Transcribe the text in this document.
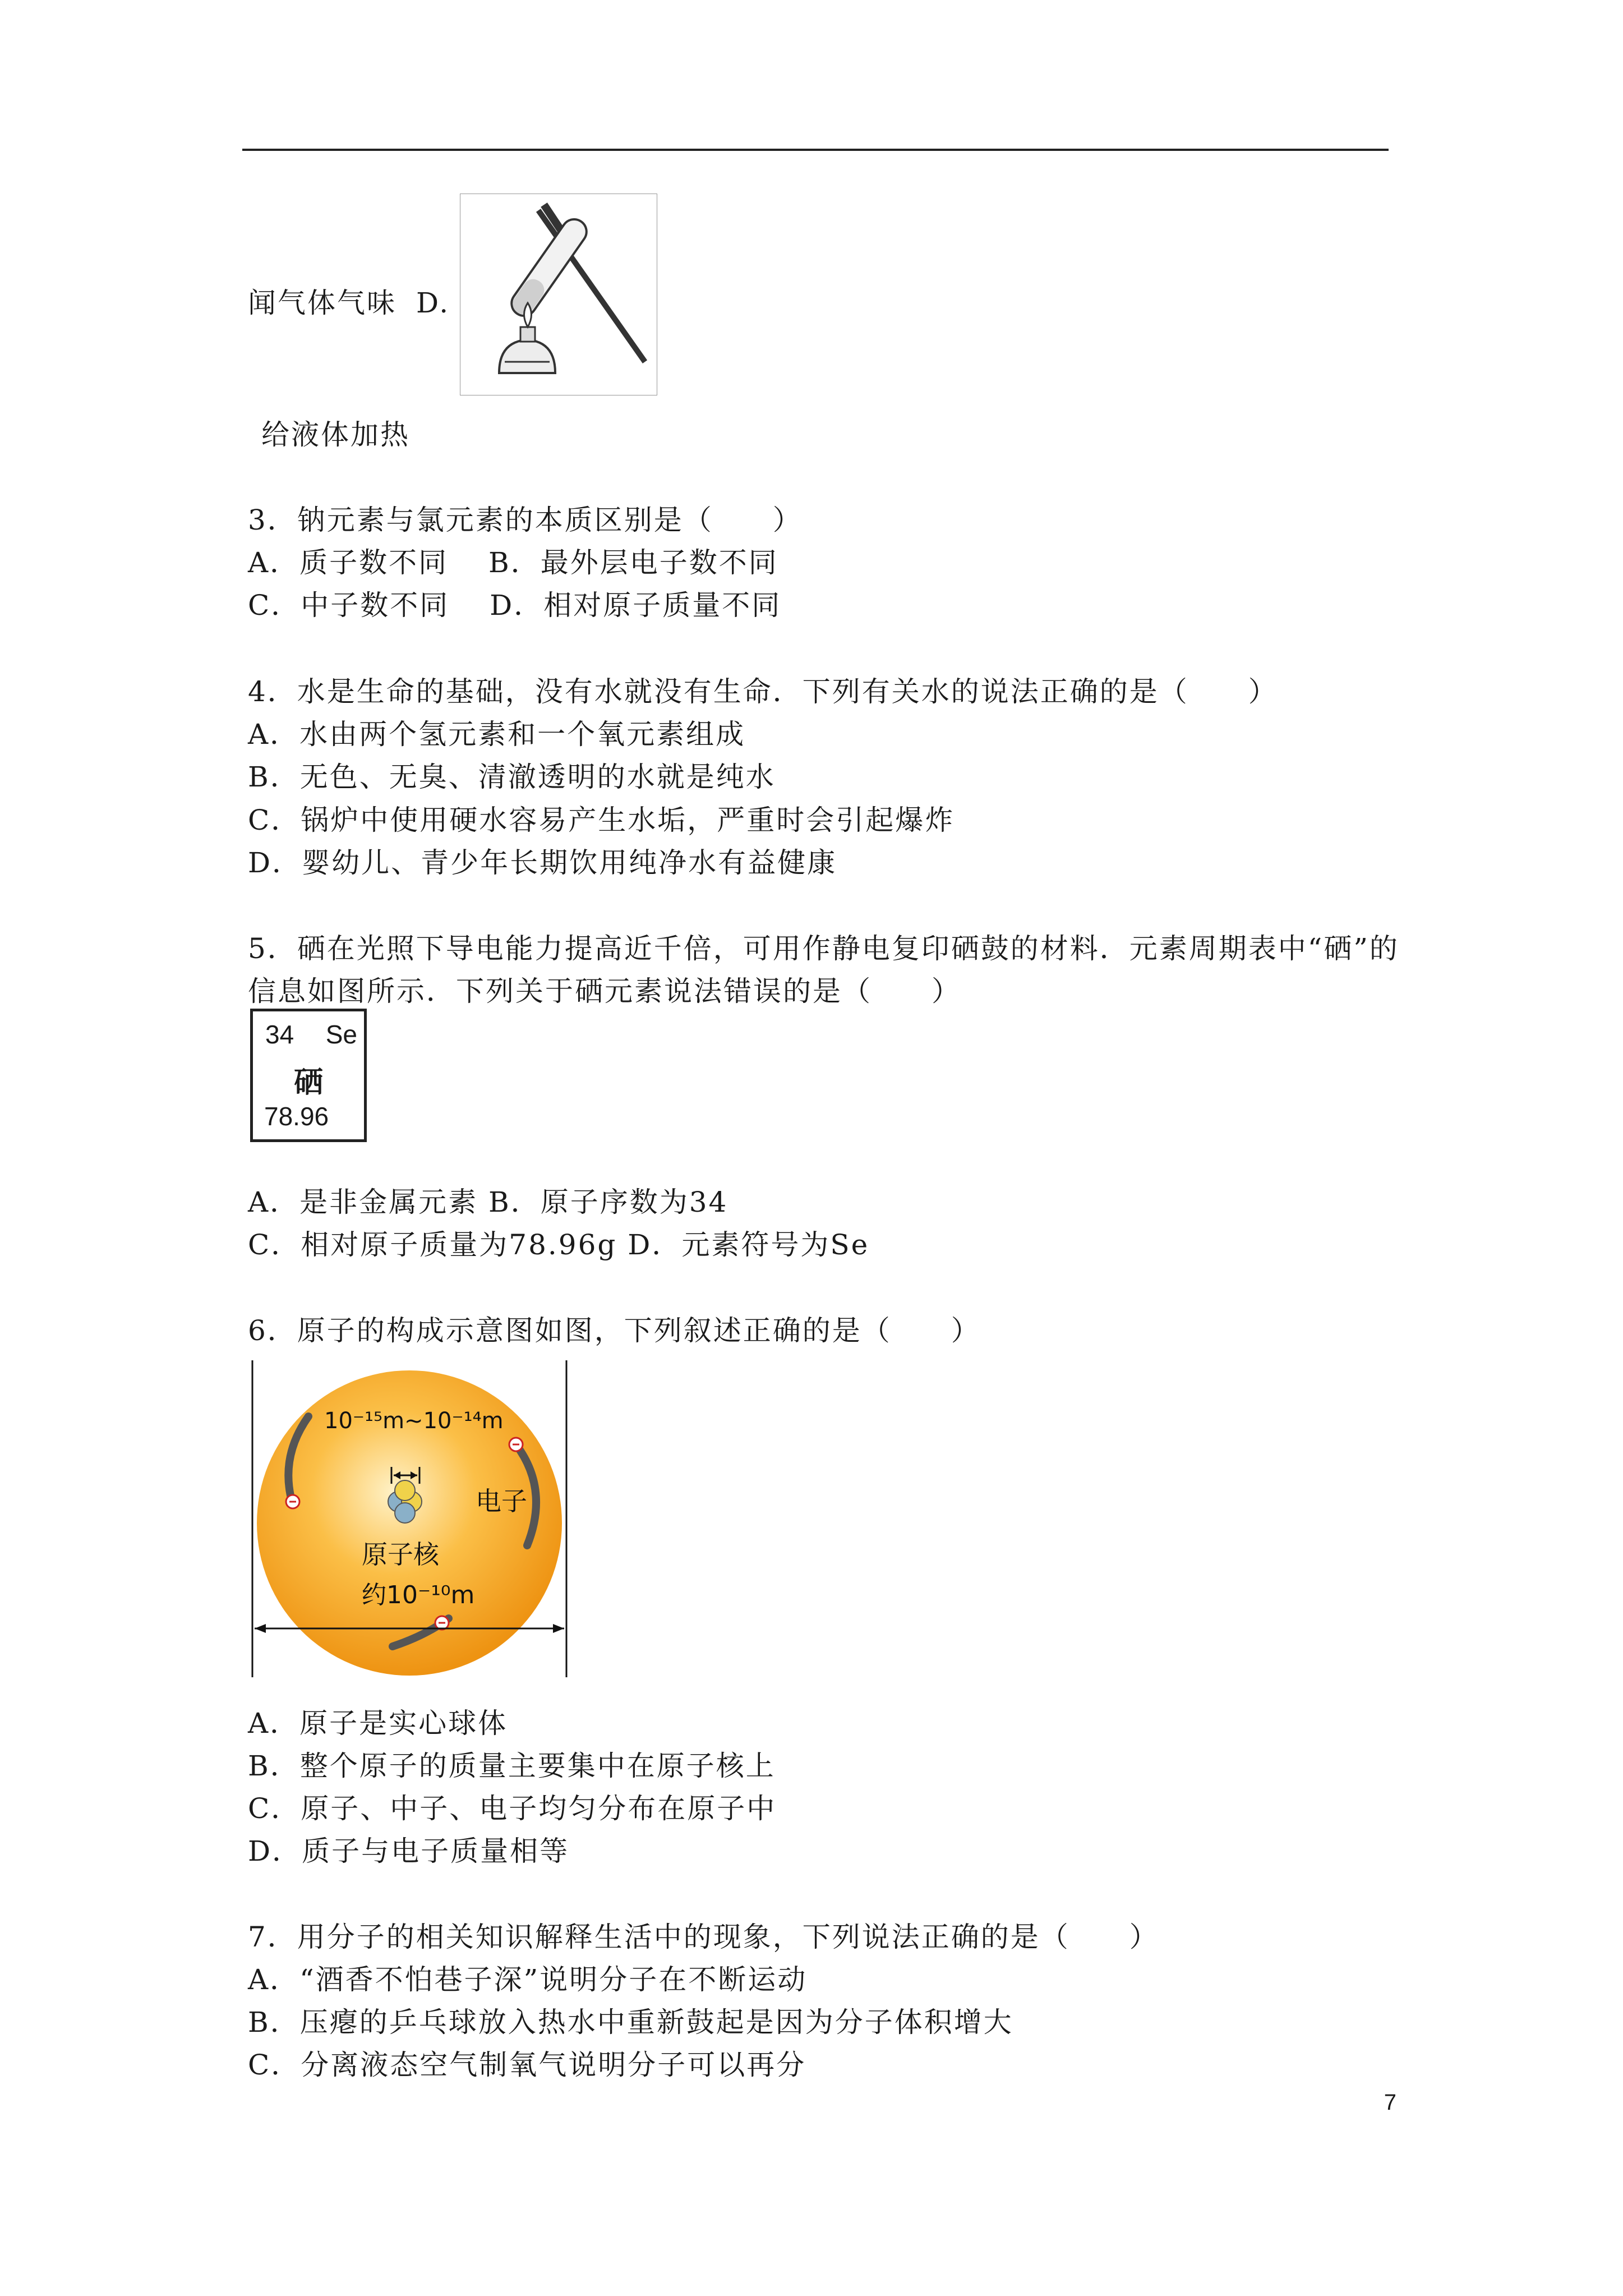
闻气体气味 D.
给液体加热
3．钠元素与氯元素的本质区别是（　　）
A．质子数不同　 B．最外层电子数不同
C．中子数不同　 D．相对原子质量不同
4．水是生命的基础，没有水就没有生命．下列有关水的说法正确的是（　　）
A．水由两个氢元素和一个氧元素组成
B．无色、无臭、清澈透明的水就是纯水
C．锅炉中使用硬水容易产生水垢，严重时会引起爆炸
D．婴幼儿、青少年长期饮用纯净水有益健康
5．硒在光照下导电能力提高近千倍，可用作静电复印硒鼓的材料．元素周期表中“硒”的
信息如图所示．下列关于硒元素说法错误的是（　　）
34 Se
硒
78.96
A．是非金属元素 B．原子序数为34
C．相对原子质量为78.96g D．元素符号为Se
6．原子的构成示意图如图，下列叙述正确的是（　　）
10⁻¹⁵m~10⁻¹⁴m
电子
原子核
约10⁻¹⁰m
A．原子是实心球体
B．整个原子的质量主要集中在原子核上
C．原子、中子、电子均匀分布在原子中
D．质子与电子质量相等
7．用分子的相关知识解释生活中的现象，下列说法正确的是（　　）
A．“酒香不怕巷子深”说明分子在不断运动
B．压瘪的乒乓球放入热水中重新鼓起是因为分子体积增大
C．分离液态空气制氧气说明分子可以再分
7
